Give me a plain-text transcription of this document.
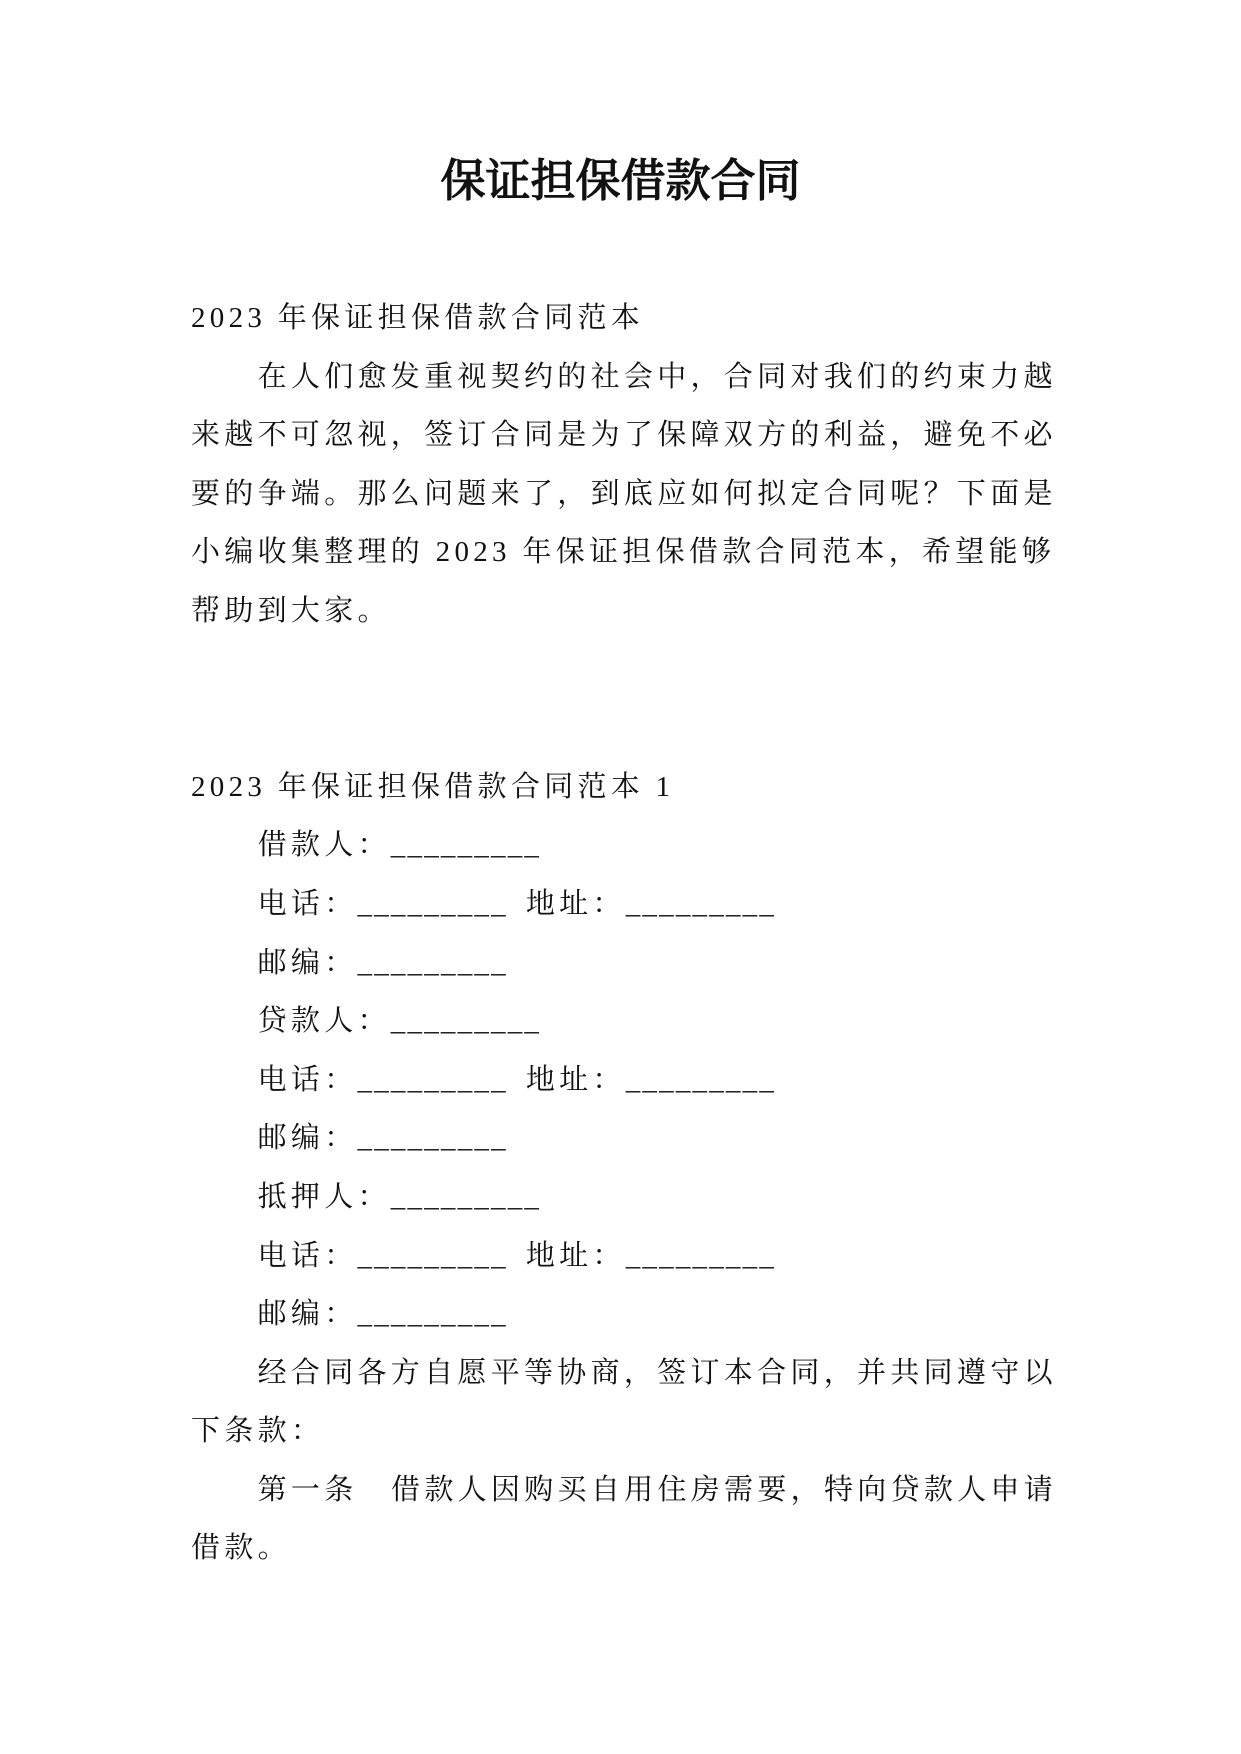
保证担保借款合同
2023 年保证担保借款合同范本
在人们愈发重视契约的社会中，合同对我们的约束力越
来越不可忽视，签订合同是为了保障双方的利益，避免不必
要的争端。那么问题来了，到底应如何拟定合同呢？下面是
小编收集整理的 2023 年保证担保借款合同范本，希望能够
帮助到大家。
2023 年保证担保借款合同范本 1
借款人：_________
电话：_________ 地址：_________
邮编：_________
贷款人：_________
电话：_________ 地址：_________
邮编：_________
抵押人：_________
电话：_________ 地址：_________
邮编：_________
经合同各方自愿平等协商，签订本合同，并共同遵守以
下条款：
第一条 借款人因购买自用住房需要，特向贷款人申请
借款。
